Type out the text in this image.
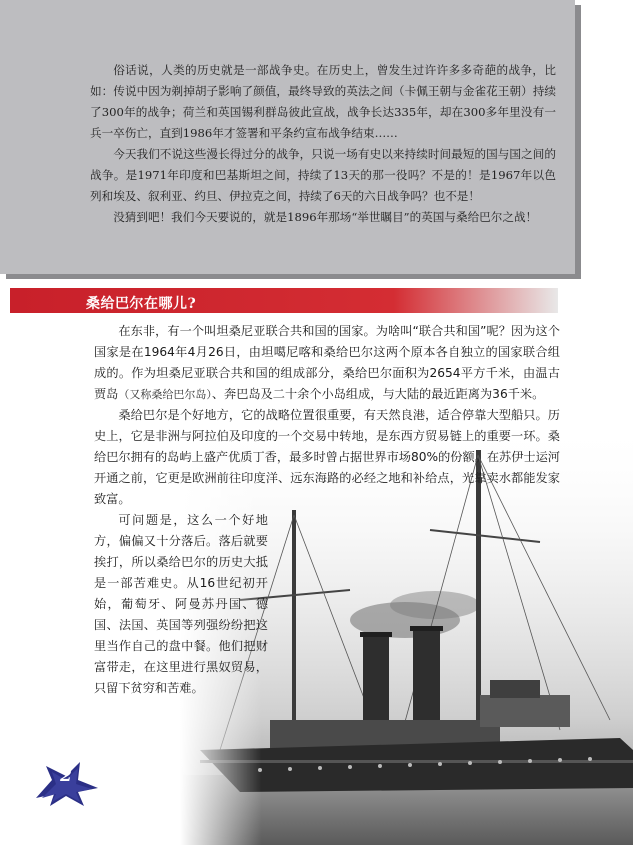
俗话说，人类的历史就是一部战争史。在历史上，曾发生过许许多多奇葩的战争，比如：传说中因为剃掉胡子影响了颜值，最终导致的英法之间（卡佩王朝与金雀花王朝）持续了300年的战争；荷兰和英国锡利群岛彼此宣战，战争长达335年，却在300多年里没有一兵一卒伤亡，直到1986年才签署和平条约宣布战争结束……

今天我们不说这些漫长得过分的战争，只说一场有史以来持续时间最短的国与国之间的战争。是1971年印度和巴基斯坦之间，持续了13天的那一役吗？不是的！是1967年以色列和埃及、叙利亚、约旦、伊拉克之间，持续了6天的六日战争吗？也不是！

没猜到吧！我们今天要说的，就是1896年那场“举世瞩目”的英国与桑给巴尔之战！

桑给巴尔在哪儿?

在东非，有一个叫坦桑尼亚联合共和国的国家。为啥叫“联合共和国”呢？因为这个国家是在1964年4月26日，由坦噶尼喀和桑给巴尔这两个原本各自独立的国家联合组成的。作为坦桑尼亚联合共和国的组成部分，桑给巴尔面积为2654平方千米，由温古贾岛（又称桑给巴尔岛）、奔巴岛及二十余个小岛组成，与大陆的最近距离为36千米。

桑给巴尔是个好地方，它的战略位置很重要，有天然良港，适合停靠大型船只。历史上，它是非洲与阿拉伯及印度的一个交易中转地，是东西方贸易链上的重要一环。桑给巴尔拥有的岛屿上盛产优质丁香，最多时曾占据世界市场80%的份额。在苏伊士运河开通之前，它更是欧洲前往印度洋、远东海路的必经之地和补给点，光靠卖水都能发家致富。

可问题是，这么一个好地方，偏偏又十分落后。落后就要挨打，所以桑给巴尔的历史大抵是一部苦难史。从16世纪初开始，葡萄牙、阿曼苏丹国、德国、法国、英国等列强纷纷把这里当作自己的盘中餐。他们把财富带走，在这里进行黑奴贸易，只留下贫穷和苦难。

2
